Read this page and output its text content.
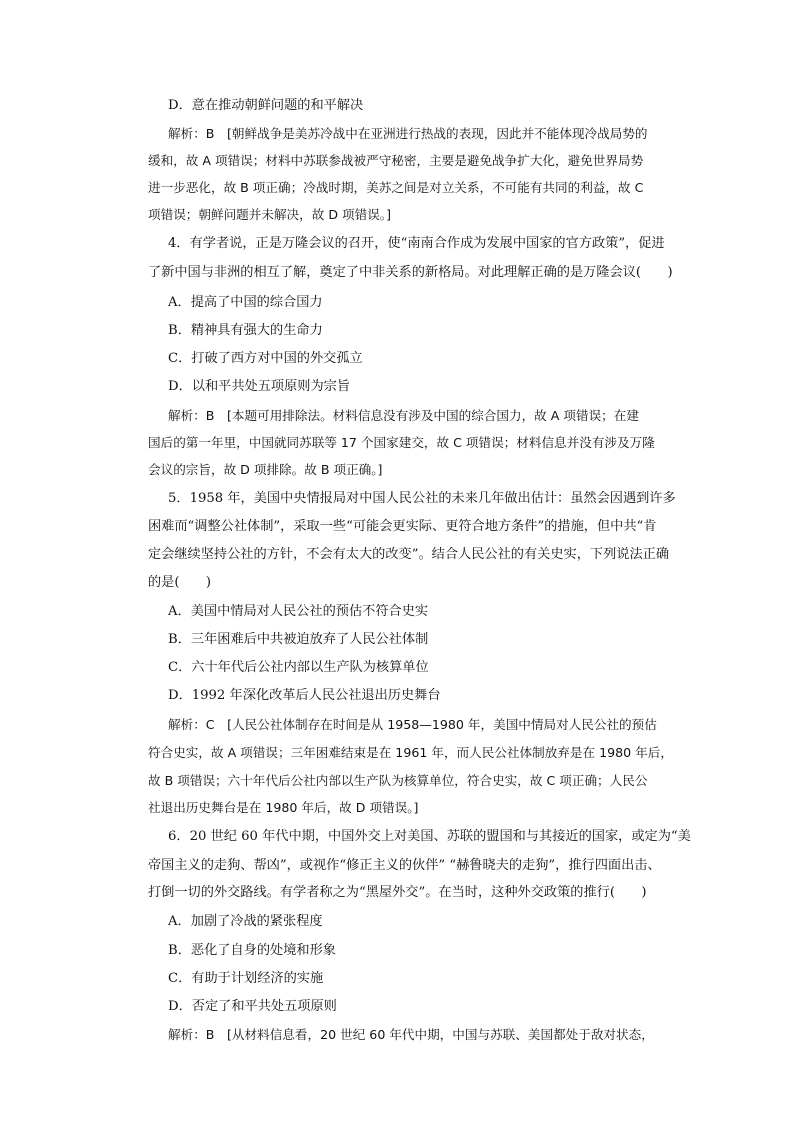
D．意在推动朝鲜问题的和平解决
解析：B　[朝鲜战争是美苏冷战中在亚洲进行热战的表现，因此并不能体现冷战局势的
缓和，故 A 项错误；材料中苏联参战被严守秘密，主要是避免战争扩大化，避免世界局势
进一步恶化，故 B 项正确；冷战时期，美苏之间是对立关系，不可能有共同的利益，故 C
项错误；朝鲜问题并未解决，故 D 项错误。]
4．有学者说，正是万隆会议的召开，使“南南合作成为发展中国家的官方政策”，促进
了新中国与非洲的相互了解，奠定了中非关系的新格局。对此理解正确的是万隆会议(　　)
A．提高了中国的综合国力
B．精神具有强大的生命力
C．打破了西方对中国的外交孤立
D．以和平共处五项原则为宗旨
解析：B　[本题可用排除法。材料信息没有涉及中国的综合国力，故 A 项错误；在建
国后的第一年里，中国就同苏联等 17 个国家建交，故 C 项错误；材料信息并没有涉及万隆
会议的宗旨，故 D 项排除。故 B 项正确。]
5．1958 年，美国中央情报局对中国人民公社的未来几年做出估计：虽然会因遇到许多
困难而“调整公社体制”，采取一些“可能会更实际、更符合地方条件”的措施，但中共“肯
定会继续坚持公社的方针，不会有太大的改变”。结合人民公社的有关史实，下列说法正确
的是(　　)
A．美国中情局对人民公社的预估不符合史实
B．三年困难后中共被迫放弃了人民公社体制
C．六十年代后公社内部以生产队为核算单位
D．1992 年深化改革后人民公社退出历史舞台
解析：C　[人民公社体制存在时间是从 1958—1980 年，美国中情局对人民公社的预估
符合史实，故 A 项错误；三年困难结束是在 1961 年，而人民公社体制放弃是在 1980 年后，
故 B 项错误；六十年代后公社内部以生产队为核算单位，符合史实，故 C 项正确；人民公
社退出历史舞台是在 1980 年后，故 D 项错误。]
6．20 世纪 60 年代中期，中国外交上对美国、苏联的盟国和与其接近的国家，或定为“美
帝国主义的走狗、帮凶”，或视作“修正主义的伙伴” “赫鲁晓夫的走狗”，推行四面出击、
打倒一切的外交路线。有学者称之为“黑屋外交”。在当时，这种外交政策的推行(　　)
A．加剧了冷战的紧张程度
B．恶化了自身的处境和形象
C．有助于计划经济的实施
D．否定了和平共处五项原则
解析：B　[从材料信息看，20 世纪 60 年代中期，中国与苏联、美国都处于敌对状态，
